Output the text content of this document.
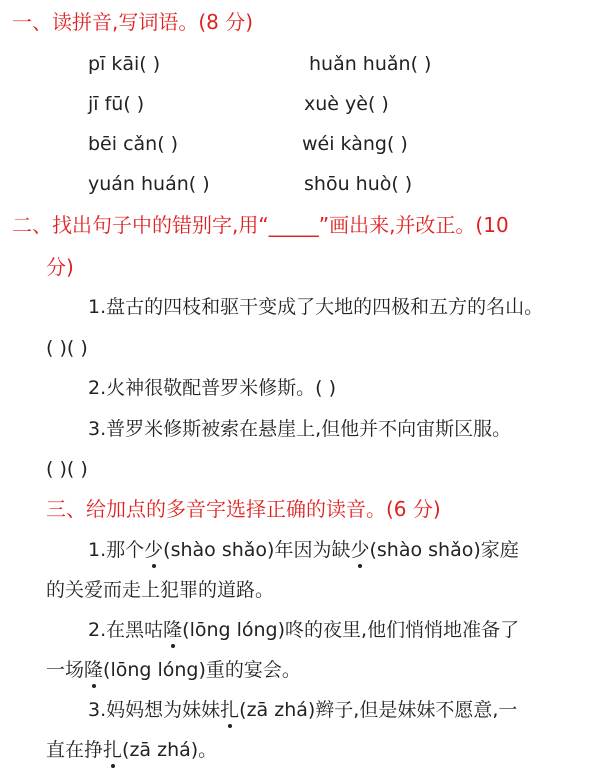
一、读拼音,写词语。(8 分)
pī kāi( )	huǎn huǎn( )
jī fū( )	xuè yè( )
bēi cǎn( )	wéi kàng( )
yuán huán( )	shōu huò( )
二、找出句子中的错别字,用“_____”画出来,并改正。(10
分)
1.盘古的四枝和驱干变成了大地的四极和五方的名山。
( )( )
2.火神很敬配普罗米修斯。( )
3.普罗米修斯被索在悬崖上,但他并不向宙斯区服。
( )( )
三、给加点的多音字选择正确的读音。(6 分)
1.那个少(shào shǎo)年因为缺少(shào shǎo)家庭
的关爱而走上犯罪的道路。
2.在黑咕隆(lōng lóng)咚的夜里,他们悄悄地准备了
一场隆(lōng lóng)重的宴会。
3.妈妈想为妹妹扎(zā zhá)辫子,但是妹妹不愿意,一
直在挣扎(zā zhá)。
